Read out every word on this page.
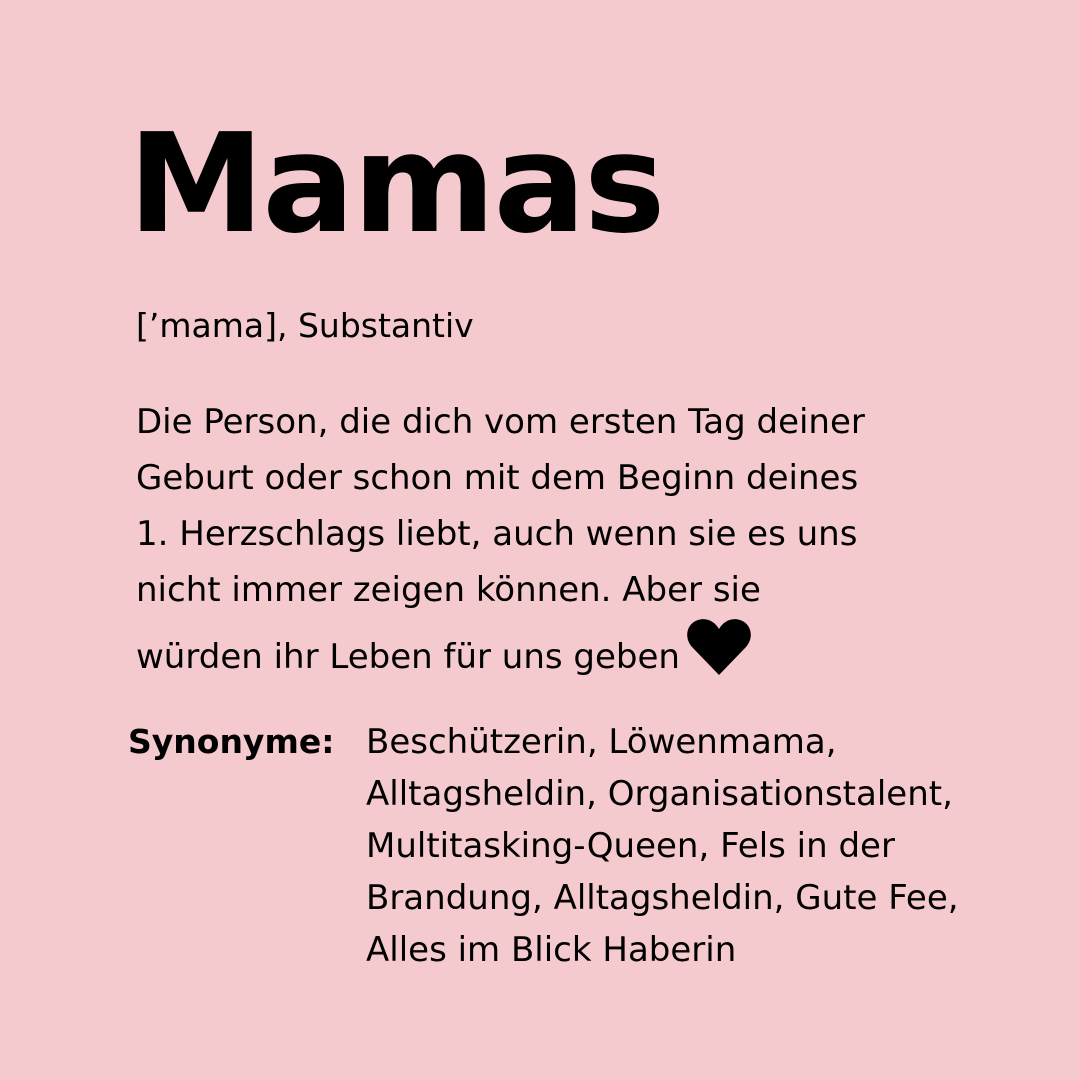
Mamas

[’mama], Substantiv

Die Person, die dich vom ersten Tag deiner
Geburt oder schon mit dem Beginn deines
1. Herzschlags liebt, auch wenn sie es uns
nicht immer zeigen können. Aber sie
würden ihr Leben für uns geben

Synonyme: Beschützerin, Löwenmama,
Alltagsheldin, Organisationstalent,
Multitasking-Queen, Fels in der
Brandung, Alltagsheldin, Gute Fee,
Alles im Blick Haberin
